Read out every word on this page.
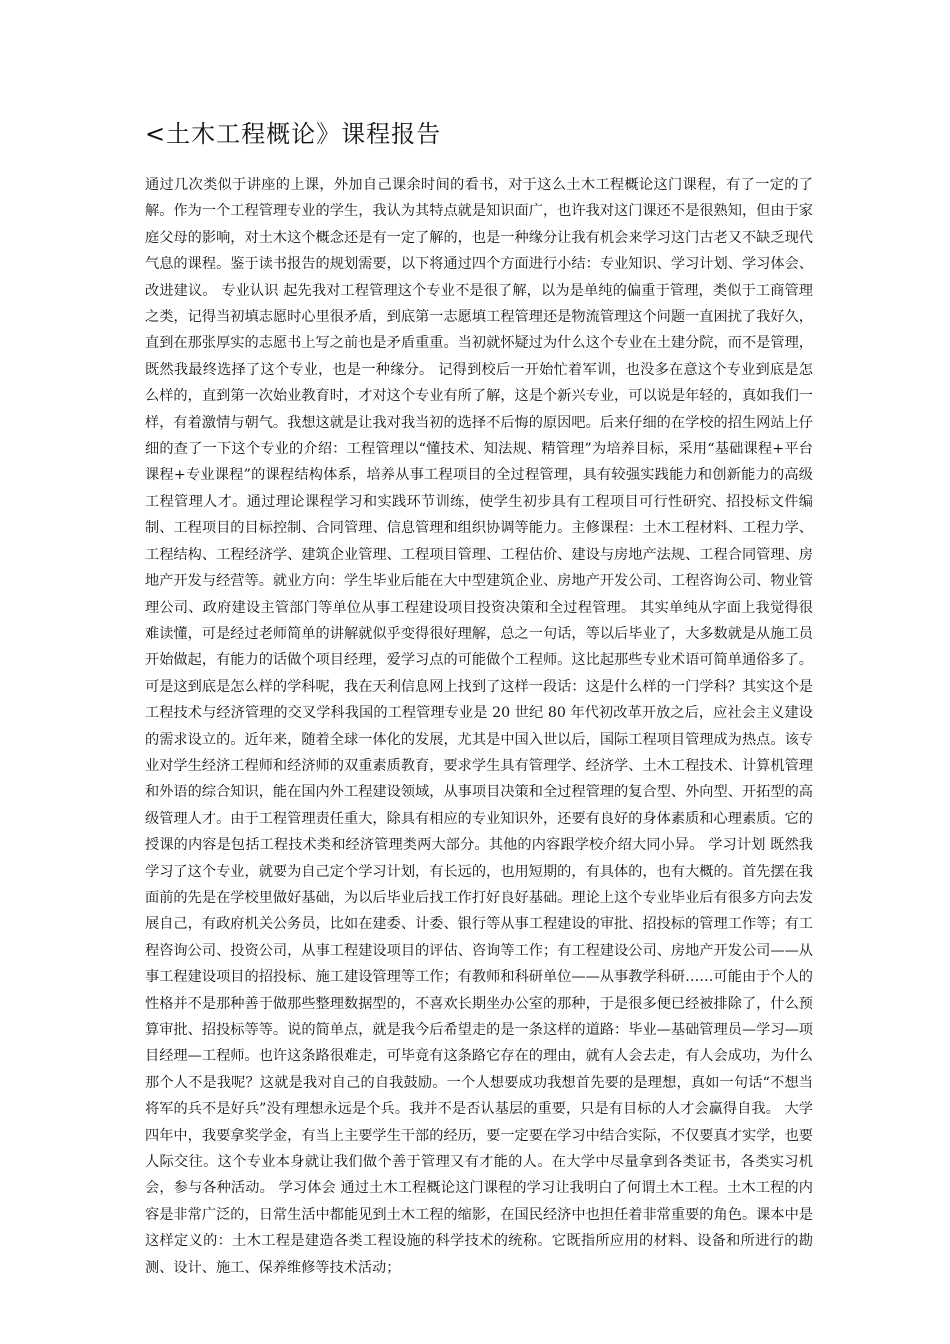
<土木工程概论》课程报告

通过几次类似于讲座的上课，外加自己课余时间的看书，对于这么土木工程概论这门课程，有了一定的了解。作为一个工程管理专业的学生，我认为其特点就是知识面广，也许我对这门课还不是很熟知，但由于家庭父母的影响，对土木这个概念还是有一定了解的，也是一种缘分让我有机会来学习这门古老又不缺乏现代气息的课程。鉴于读书报告的规划需要，以下将通过四个方面进行小结：专业知识、学习计划、学习体会、改进建议。 专业认识 起先我对工程管理这个专业不是很了解，以为是单纯的偏重于管理，类似于工商管理之类，记得当初填志愿时心里很矛盾，到底第一志愿填工程管理还是物流管理这个问题一直困扰了我好久，直到在那张厚实的志愿书上写之前也是矛盾重重。当初就怀疑过为什么这个专业在土建分院，而不是管理，既然我最终选择了这个专业，也是一种缘分。 记得到校后一开始忙着军训，也没多在意这个专业到底是怎么样的，直到第一次始业教育时，才对这个专业有所了解，这是个新兴专业，可以说是年轻的，真如我们一样，有着激情与朝气。我想这就是让我对我当初的选择不后悔的原因吧。后来仔细的在学校的招生网站上仔细的查了一下这个专业的介绍：工程管理以“懂技术、知法规、精管理”为培养目标，采用“基础课程+平台课程+专业课程”的课程结构体系，培养从事工程项目的全过程管理，具有较强实践能力和创新能力的高级工程管理人才。通过理论课程学习和实践环节训练，使学生初步具有工程项目可行性研究、招投标文件编制、工程项目的目标控制、合同管理、信息管理和组织协调等能力。主修课程：土木工程材料、工程力学、工程结构、工程经济学、建筑企业管理、工程项目管理、工程估价、建设与房地产法规、工程合同管理、房地产开发与经营等。就业方向：学生毕业后能在大中型建筑企业、房地产开发公司、工程咨询公司、物业管理公司、政府建设主管部门等单位从事工程建设项目投资决策和全过程管理。 其实单纯从字面上我觉得很难读懂，可是经过老师简单的讲解就似乎变得很好理解，总之一句话，等以后毕业了，大多数就是从施工员开始做起，有能力的话做个项目经理，爱学习点的可能做个工程师。这比起那些专业术语可简单通俗多了。 可是这到底是怎么样的学科呢，我在天利信息网上找到了这样一段话：这是什么样的一门学科？其实这个是工程技术与经济管理的交叉学科我国的工程管理专业是 20 世纪 80 年代初改革开放之后，应社会主义建设的需求设立的。近年来，随着全球一体化的发展，尤其是中国入世以后，国际工程项目管理成为热点。该专业对学生经济工程师和经济师的双重素质教育，要求学生具有管理学、经济学、土木工程技术、计算机管理和外语的综合知识，能在国内外工程建设领域，从事项目决策和全过程管理的复合型、外向型、开拓型的高级管理人才。由于工程管理责任重大，除具有相应的专业知识外，还要有良好的身体素质和心理素质。它的授课的内容是包括工程技术类和经济管理类两大部分。其他的内容跟学校介绍大同小异。 学习计划 既然我学习了这个专业，就要为自己定个学习计划，有长远的，也用短期的，有具体的，也有大概的。首先摆在我面前的先是在学校里做好基础，为以后毕业后找工作打好良好基础。理论上这个专业毕业后有很多方向去发展自己，有政府机关公务员，比如在建委、计委、银行等从事工程建设的审批、招投标的管理工作等；有工程咨询公司、投资公司，从事工程建设项目的评估、咨询等工作；有工程建设公司、房地产开发公司——从事工程建设项目的招投标、施工建设管理等工作；有教师和科研单位——从事教学科研……可能由于个人的性格并不是那种善于做那些整理数据型的，不喜欢长期坐办公室的那种，于是很多便已经被排除了，什么预算审批、招投标等等。说的简单点，就是我今后希望走的是一条这样的道路：毕业—基础管理员—学习—项目经理—工程师。也许这条路很难走，可毕竟有这条路它存在的理由，就有人会去走，有人会成功，为什么那个人不是我呢？这就是我对自己的自我鼓励。一个人想要成功我想首先要的是理想，真如一句话“不想当将军的兵不是好兵”没有理想永远是个兵。我并不是否认基层的重要，只是有目标的人才会赢得自我。 大学四年中，我要拿奖学金，有当上主要学生干部的经历，要一定要在学习中结合实际，不仅要真才实学，也要人际交往。这个专业本身就让我们做个善于管理又有才能的人。在大学中尽量拿到各类证书，各类实习机会，参与各种活动。 学习体会 通过土木工程概论这门课程的学习让我明白了何谓土木工程。土木工程的内容是非常广泛的，日常生活中都能见到土木工程的缩影，在国民经济中也担任着非常重要的角色。课本中是这样定义的：土木工程是建造各类工程设施的科学技术的统称。它既指所应用的材料、设备和所进行的勘测、设计、施工、保养维修等技术活动；
